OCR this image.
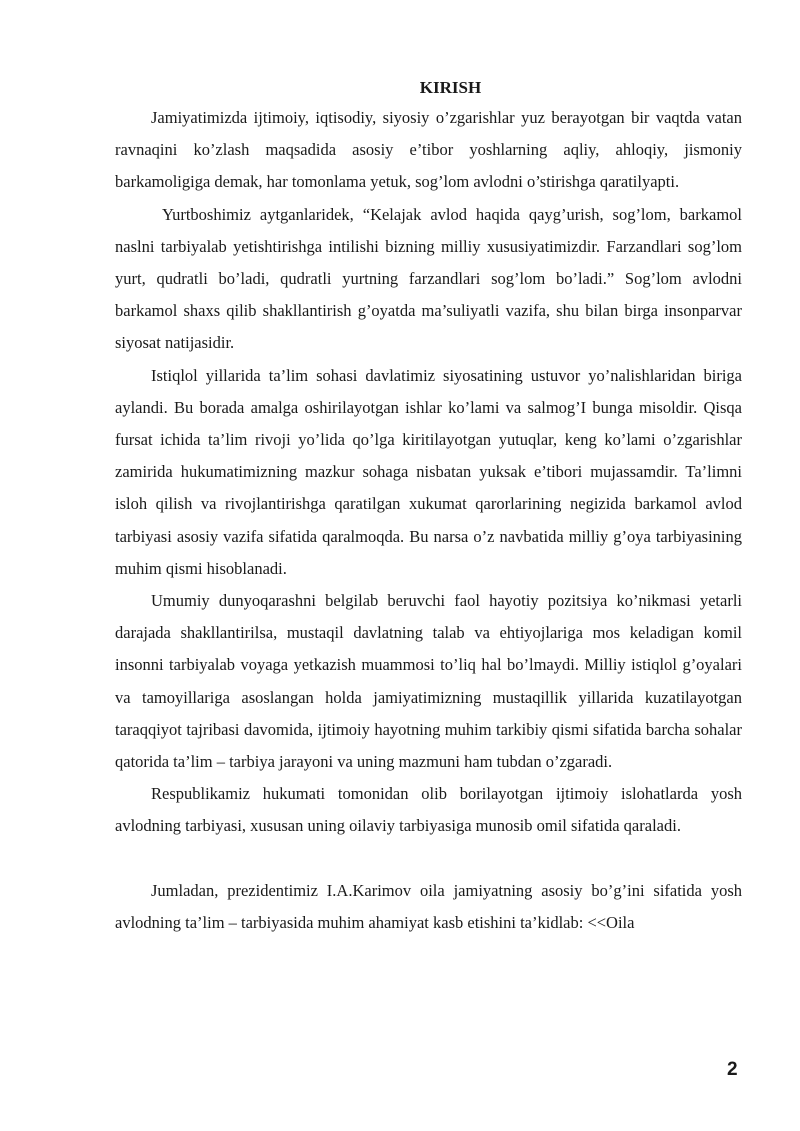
KIRISH

Jamiyatimizda ijtimoiy, iqtisodiy, siyosiy o’zgarishlar yuz berayotgan bir vaqtda vatan ravnaqini ko’zlash maqsadida asosiy e’tibor yoshlarning aqliy, ahloqiy, jismoniy barkamoligiga demak, har tomonlama yetuk, sog’lom avlodni o’stirishga qaratilyapti.

Yurtboshimiz aytganlaridek, “Kelajak avlod haqida qayg’urish, sog’lom, barkamol naslni tarbiyalab yetishtirishga intilishi bizning milliy xususiyatimizdir. Farzandlari sog’lom yurt, qudratli bo’ladi, qudratli yurtning farzandlari sog’lom bo’ladi.” Sog’lom avlodni barkamol shaxs qilib shakllantirish g’oyatda ma’suliyatli vazifa, shu bilan birga insonparvar siyosat natijasidir.

Istiqlol yillarida ta’lim sohasi davlatimiz siyosatining ustuvor yo’nalishlaridan biriga aylandi. Bu borada amalga oshirilayotgan ishlar ko’lami va salmog’I bunga misoldir. Qisqa fursat ichida ta’lim rivoji yo’lida qo’lga kiritilayotgan yutuqlar, keng ko’lami o’zgarishlar zamirida hukumatimizning mazkur sohaga nisbatan yuksak e’tibori mujassamdir. Ta’limni isloh qilish va rivojlantirishga qaratilgan xukumat qarorlarining negizida barkamol avlod tarbiyasi asosiy vazifa sifatida qaralmoqda. Bu narsa o’z navbatida milliy g’oya tarbiyasining muhim qismi hisoblanadi.

Umumiy dunyoqarashni belgilab beruvchi faol hayotiy pozitsiya ko’nikmasi yetarli darajada shakllantirilsa, mustaqil davlatning talab va ehtiyojlariga mos keladigan komil insonni tarbiyalab voyaga yetkazish muammosi to’liq hal bo’lmaydi. Milliy istiqlol g’oyalari va tamoyillariga asoslangan holda jamiyatimizning mustaqillik yillarida kuzatilayotgan taraqqiyot tajribasi davomida, ijtimoiy hayotning muhim tarkibiy qismi sifatida barcha sohalar qatorida ta’lim – tarbiya jarayoni va uning mazmuni ham tubdan o’zgaradi.

Respublikamiz hukumati tomonidan olib borilayotgan ijtimoiy islohatlarda yosh avlodning tarbiyasi, xususan uning oilaviy tarbiyasiga munosib omil sifatida qaraladi.

Jumladan, prezidentimiz I.A.Karimov oila jamiyatning asosiy bo’g’ini sifatida yosh avlodning ta’lim – tarbiyasida muhim ahamiyat kasb etishini ta’kidlab: <<Oila

2
